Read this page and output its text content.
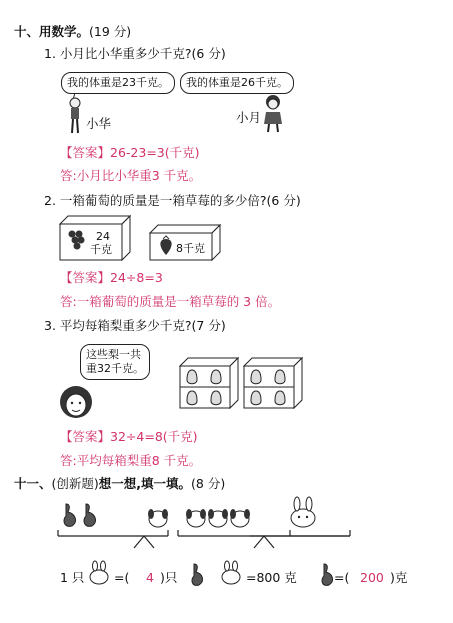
十、用数学。(19 分)
1. 小月比小华重多少千克?(6 分)
我的体重是23千克。	我的体重是26千克。
小华	小月
【答案】26-23=3(千克)
答:小月比小华重3 千克。
2. 一箱葡萄的质量是一箱草莓的多少倍?(6 分)
24
千克	8千克
【答案】24÷8=3
答:一箱葡萄的质量是一箱草莓的 3 倍。
3. 平均每箱梨重多少千克?(7 分)
这些梨一共
重32千克。
【答案】32÷4=8(千克)
答:平均每箱梨重8 千克。
十一、(创新题)想一想,填一填。(8 分)
1 只 =( 4 )只	=800 克	=( 200 )克
